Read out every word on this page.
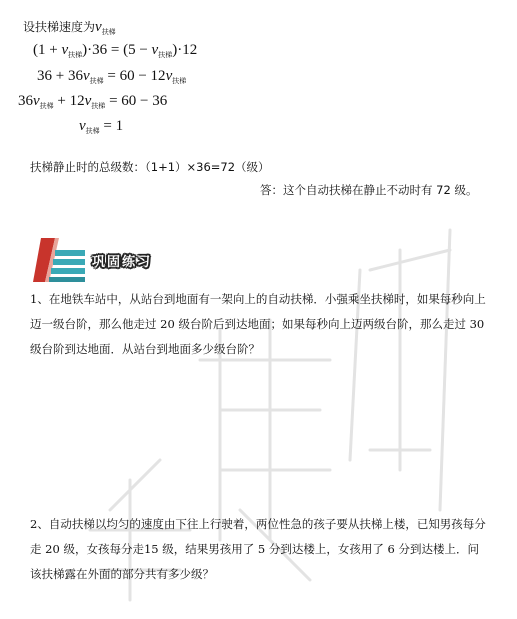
设扶梯速度为$v_{扶梯}$
$(1 + v_{扶梯})\cdot 36 = (5 - v_{扶梯})\cdot 12$
$36 + 36v_{扶梯} = 60 - 12v_{扶梯}$
$36v_{扶梯} + 12v_{扶梯} = 60 - 36$
$v_{扶梯} = 1$
扶梯静止时的总级数：（1+1）×36=72（级）
答：这个自动扶梯在静止不动时有 72 级。
巩固练习
1、在地铁车站中，从站台到地面有一架向上的自动扶梯．小强乘坐扶梯时，如果每秒向上迈一级台阶，那么他走过 20 级台阶后到达地面；如果每秒向上迈两级台阶，那么走过 30 级台阶到达地面．从站台到地面多少级台阶？
2、自动扶梯以均匀的速度由下往上行驶着，两位性急的孩子要从扶梯上楼，已知男孩每分走 20 级，女孩每分走15 级，结果男孩用了 5 分到达楼上，女孩用了 6 分到达楼上．问该扶梯露在外面的部分共有多少级？
